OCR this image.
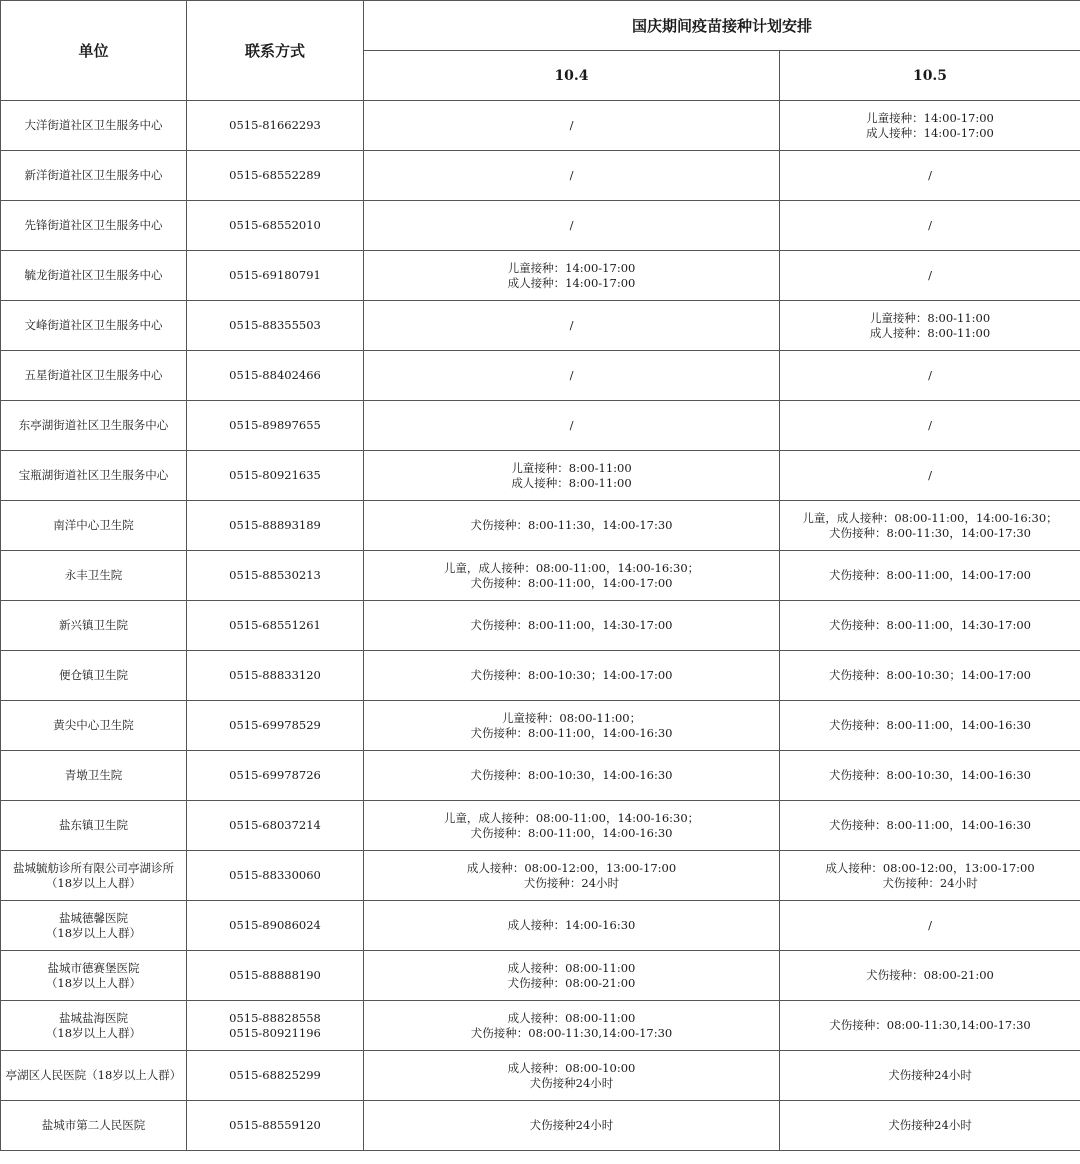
单位	联系方式	国庆期间疫苗接种计划安排	
		10.4	10.5

大洋街道社区卫生服务中心	0515-81662293	/	儿童接种：14:00-17:00
成人接种：14:00-17:00

新洋街道社区卫生服务中心	0515-68552289	/	/

先锋街道社区卫生服务中心	0515-68552010	/	/

毓龙街道社区卫生服务中心	0515-69180791	儿童接种：14:00-17:00
成人接种：14:00-17:00	/

文峰街道社区卫生服务中心	0515-88355503	/	儿童接种：8:00-11:00
成人接种：8:00-11:00

五星街道社区卫生服务中心	0515-88402466	/	/

东亭湖街道社区卫生服务中心	0515-89897655	/	/

宝瓶湖街道社区卫生服务中心	0515-80921635	儿童接种：8:00-11:00
成人接种：8:00-11:00	/

南洋中心卫生院	0515-88893189	犬伤接种：8:00-11:30，14:00-17:30	儿童，成人接种：08:00-11:00，14:00-16:30；
犬伤接种：8:00-11:30，14:00-17:30

永丰卫生院	0515-88530213	儿童，成人接种：08:00-11:00，14:00-16:30；
犬伤接种：8:00-11:00，14:00-17:00	犬伤接种：8:00-11:00，14:00-17:00

新兴镇卫生院	0515-68551261	犬伤接种：8:00-11:00，14:30-17:00	犬伤接种：8:00-11:00，14:30-17:00

便仓镇卫生院	0515-88833120	犬伤接种：8:00-10:30；14:00-17:00	犬伤接种：8:00-10:30；14:00-17:00

黄尖中心卫生院	0515-69978529	儿童接种：08:00-11:00；
犬伤接种：8:00-11:00，14:00-16:30	犬伤接种：8:00-11:00，14:00-16:30

青墩卫生院	0515-69978726	犬伤接种：8:00-10:30，14:00-16:30	犬伤接种：8:00-10:30，14:00-16:30

盐东镇卫生院	0515-68037214	儿童，成人接种：08:00-11:00，14:00-16:30；
犬伤接种：8:00-11:00，14:00-16:30	犬伤接种：8:00-11:00，14:00-16:30

盐城毓舫诊所有限公司亭湖诊所
（18岁以上人群）	0515-88330060	成人接种：08:00-12:00，13:00-17:00
犬伤接种：24小时	成人接种：08:00-12:00，13:00-17:00
犬伤接种：24小时

盐城德馨医院
（18岁以上人群）	0515-89086024	成人接种：14:00-16:30	/

盐城市德赛堡医院
（18岁以上人群）	0515-88888190	成人接种：08:00-11:00
犬伤接种：08:00-21:00	犬伤接种：08:00-21:00

盐城盐海医院
（18岁以上人群）	0515-88828558
0515-80921196	成人接种：08:00-11:00
犬伤接种：08:00-11:30,14:00-17:30	犬伤接种：08:00-11:30,14:00-17:30

亭湖区人民医院（18岁以上人群）	0515-68825299	成人接种：08:00-10:00
犬伤接种24小时	犬伤接种24小时

盐城市第二人民医院	0515-88559120	犬伤接种24小时	犬伤接种24小时
